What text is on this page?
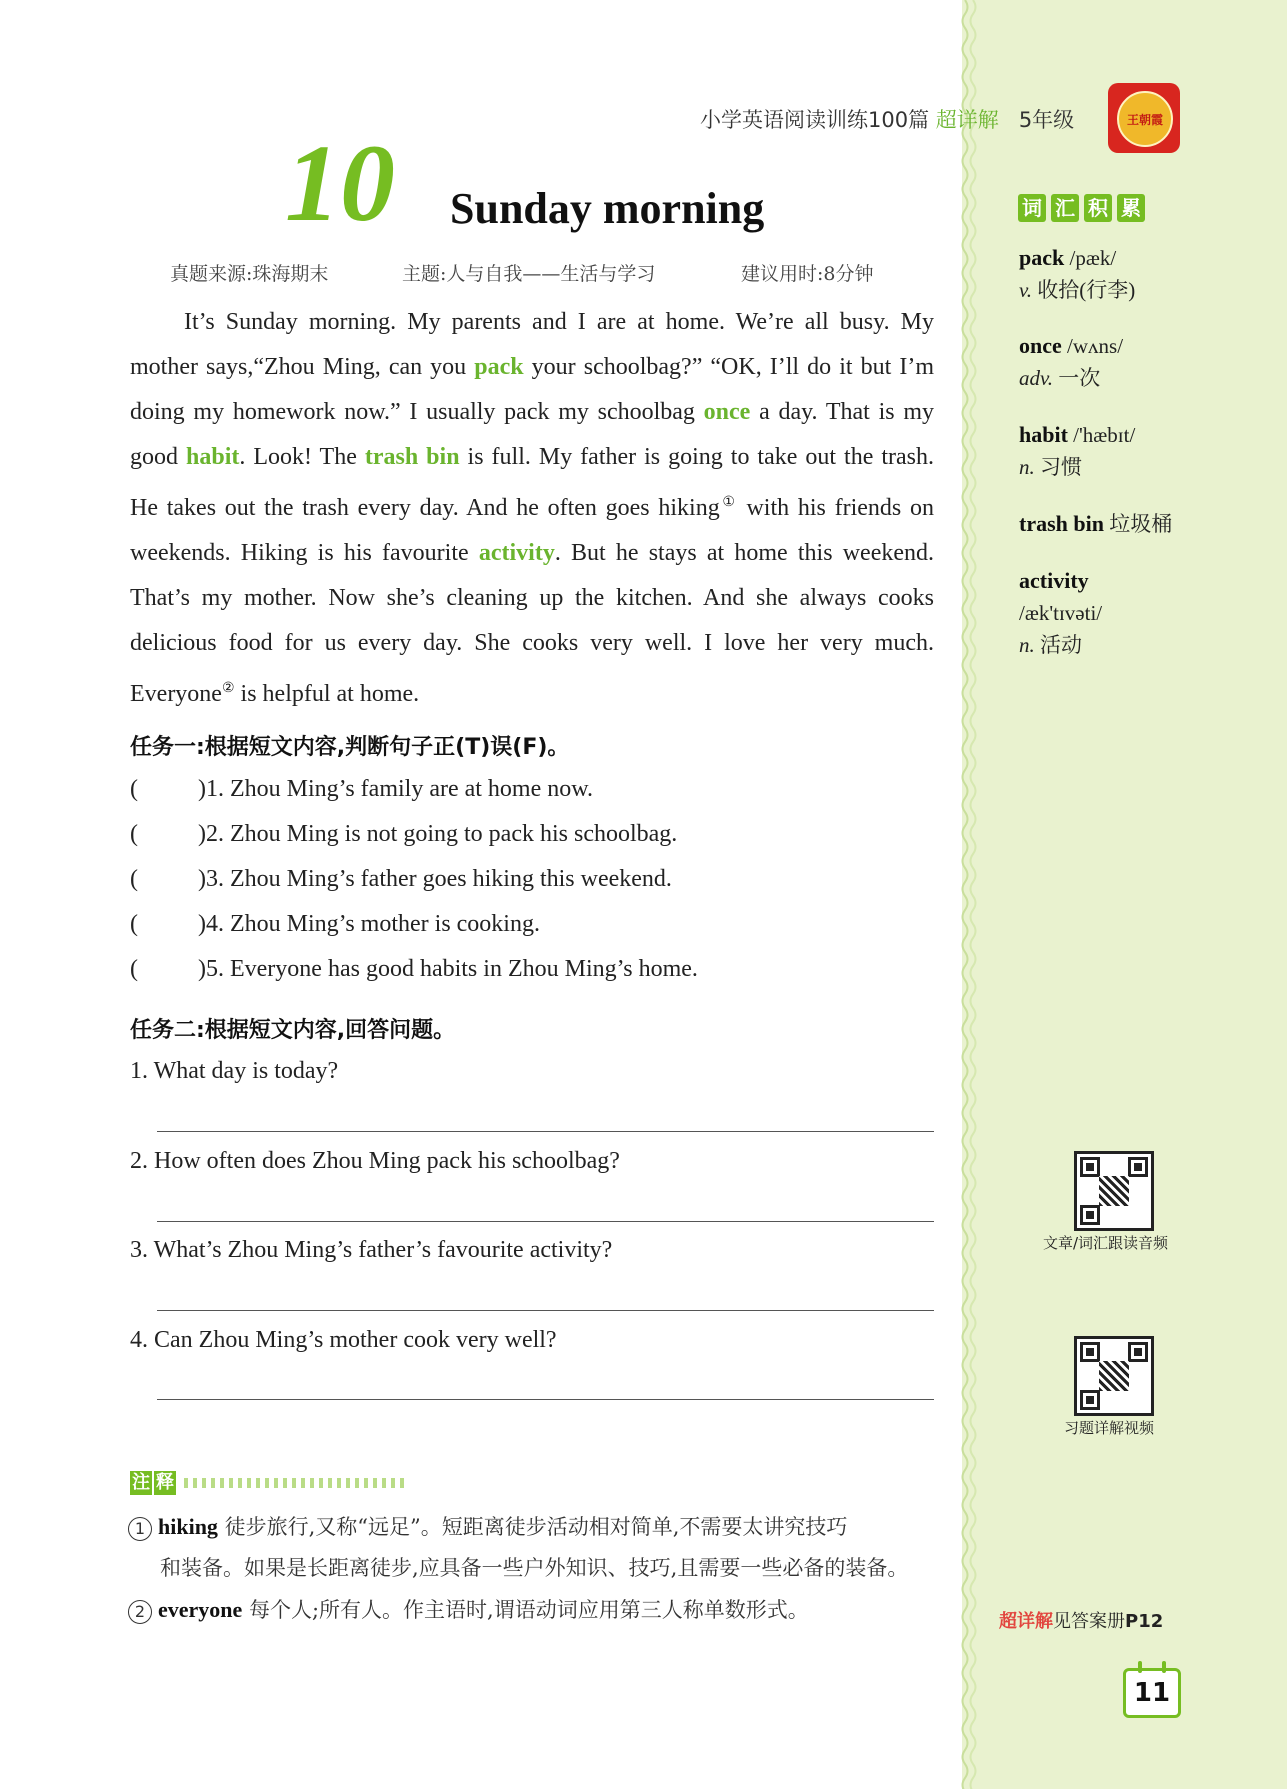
小学英语阅读训练100篇 超详解 5年级	王朝霞
10 Sunday morning
真题来源:珠海期末	主题:人与自我——生活与学习	建议用时:8分钟
It’s Sunday morning. My parents and I are at home. We’re all busy. My mother says,“Zhou Ming, can you pack your schoolbag?” “OK, I’ll do it but I’m doing my homework now.” I usually pack my schoolbag once a day. That is my good habit. Look! The trash bin is full. My father is going to take out the trash. He takes out the trash every day. And he often goes hiking① with his friends on weekends. Hiking is his favourite activity. But he stays at home this weekend. That’s my mother. Now she’s cleaning up the kitchen. And she always cooks delicious food for us every day. She cooks very well. I love her very much. Everyone② is helpful at home.
任务一:根据短文内容,判断句子正(T)误(F)。
(	)1. Zhou Ming’s family are at home now.
(	)2. Zhou Ming is not going to pack his schoolbag.
(	)3. Zhou Ming’s father goes hiking this weekend.
(	)4. Zhou Ming’s mother is cooking.
(	)5. Everyone has good habits in Zhou Ming’s home.
任务二:根据短文内容,回答问题。
1. What day is today?
2. How often does Zhou Ming pack his schoolbag?
3. What’s Zhou Ming’s father’s favourite activity?
4. Can Zhou Ming’s mother cook very well?
注 释
1 hiking 徒步旅行,又称“远足”。短距离徒步活动相对简单,不需要太讲究技巧
和装备。如果是长距离徒步,应具备一些户外知识、技巧,且需要一些必备的装备。
2 everyone 每个人;所有人。作主语时,谓语动词应用第三人称单数形式。
词 汇 积 累
pack /pæk/
v. 收拾(行李)
once /wʌns/
adv. 一次
habit /'hæbɪt/
n. 习惯
trash bin 垃圾桶
activity
/æk'tɪvəti/
n. 活动
文章/词汇跟读音频
习题详解视频
超详解见答案册P12
11
